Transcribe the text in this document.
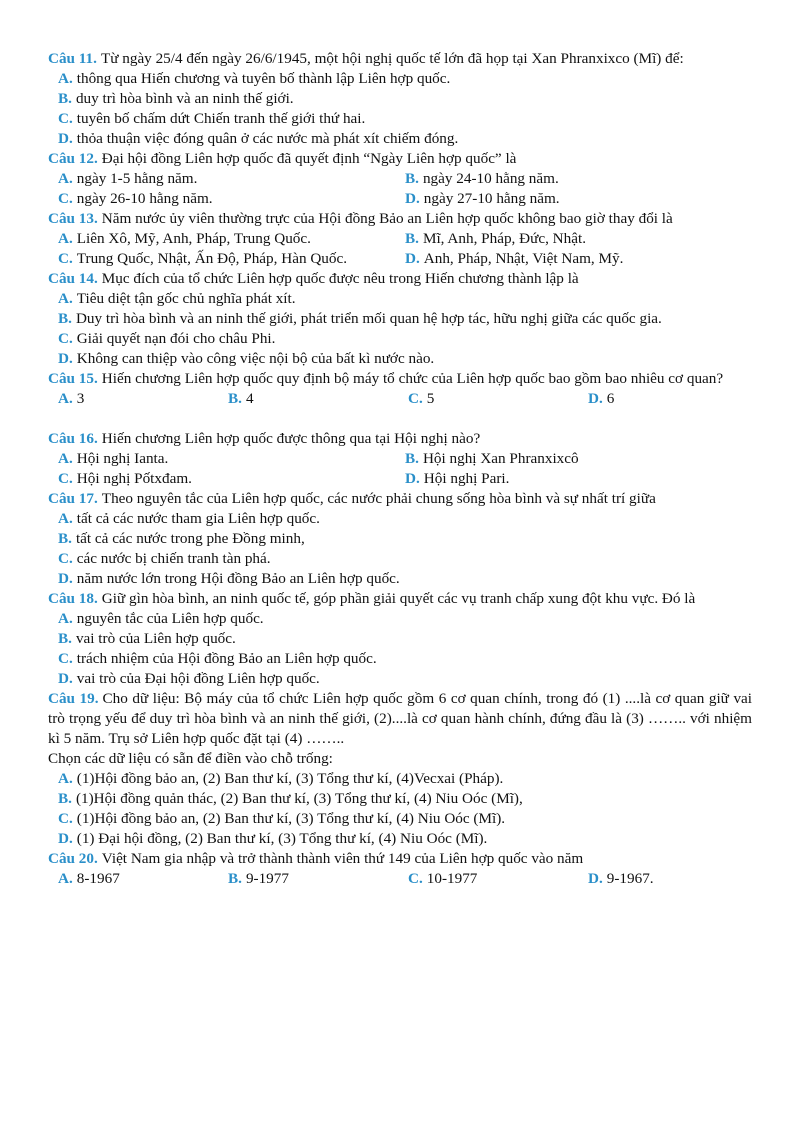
Câu 11. Từ ngày 25/4 đến ngày 26/6/1945, một hội nghị quốc tế lớn đã họp tại Xan Phranxixco (Mĩ) để:
A. thông qua Hiến chương và tuyên bố thành lập Liên hợp quốc.
B. duy trì hòa bình và an ninh thế giới.
C. tuyên bố chấm dứt Chiến tranh thế giới thứ hai.
D. thỏa thuận việc đóng quân ở các nước mà phát xít chiếm đóng.
Câu 12. Đại hội đồng Liên hợp quốc đã quyết định “Ngày Liên hợp quốc” là
A. ngày 1-5 hằng năm.	B. ngày 24-10 hằng năm.
C. ngày 26-10 hằng năm.	D. ngày 27-10 hằng năm.
Câu 13. Năm nước ủy viên thường trực của Hội đồng Bảo an Liên hợp quốc không bao giờ thay đổi là
A. Liên Xô, Mỹ, Anh, Pháp, Trung Quốc.	B. Mĩ, Anh, Pháp, Đức, Nhật.
C. Trung Quốc, Nhật, Ấn Độ, Pháp, Hàn Quốc.	D. Anh, Pháp, Nhật, Việt Nam, Mỹ.
Câu 14. Mục đích của tổ chức Liên hợp quốc được nêu trong Hiến chương thành lập là
A. Tiêu diệt tận gốc chủ nghĩa phát xít.
B. Duy trì hòa bình và an ninh thế giới, phát triển mối quan hệ hợp tác, hữu nghị giữa các quốc gia.
C. Giải quyết nạn đói cho châu Phi.
D. Không can thiệp vào công việc nội bộ của bất kì nước nào.
Câu 15. Hiến chương Liên hợp quốc quy định bộ máy tổ chức của Liên hợp quốc bao gồm bao nhiêu cơ quan?
A. 3	B. 4	C. 5	D. 6
Câu 16. Hiến chương Liên hợp quốc được thông qua tại Hội nghị nào?
A. Hội nghị Ianta.	B. Hội nghị Xan Phranxixcô
C. Hội nghị Pốtxđam.	D. Hội nghị Pari.
Câu 17. Theo nguyên tắc của Liên hợp quốc, các nước phải chung sống hòa bình và sự nhất trí giữa
A. tất cả các nước tham gia Liên hợp quốc.
B. tất cả các nước trong phe Đồng minh,
C. các nước bị chiến tranh tàn phá.
D. năm nước lớn trong Hội đồng Bảo an Liên hợp quốc.
Câu 18. Giữ gìn hòa bình, an ninh quốc tế, góp phần giải quyết các vụ tranh chấp xung đột khu vực. Đó là
A. nguyên tắc của Liên hợp quốc.
B. vai trò của Liên hợp quốc.
C. trách nhiệm của Hội đồng Bảo an Liên hợp quốc.
D. vai trò của Đại hội đồng Liên hợp quốc.
Câu 19. Cho dữ liệu: Bộ máy của tổ chức Liên hợp quốc gồm 6 cơ quan chính, trong đó (1) ....là cơ quan giữ vai trò trọng yếu để duy trì hòa bình và an ninh thế giới, (2)....là cơ quan hành chính, đứng đầu là (3) …….. với nhiệm kì 5 năm. Trụ sở Liên hợp quốc đặt tại (4) ……..
Chọn các dữ liệu có sẵn để điền vào chỗ trống:
A. (1)Hội đồng bảo an, (2) Ban thư kí, (3) Tổng thư kí, (4)Vecxai (Pháp).
B. (1)Hội đồng quản thác, (2) Ban thư kí, (3) Tổng thư kí, (4) Niu Oóc (Mĩ),
C. (1)Hội đồng bảo an, (2) Ban thư kí, (3) Tổng thư kí, (4) Niu Oóc (Mĩ).
D. (1) Đại hội đồng, (2) Ban thư kí, (3) Tổng thư kí, (4) Niu Oóc (Mĩ).
Câu 20. Việt Nam gia nhập và trở thành thành viên thứ 149 của Liên hợp quốc vào năm
A. 8-1967	B. 9-1977	C. 10-1977	D. 9-1967.
